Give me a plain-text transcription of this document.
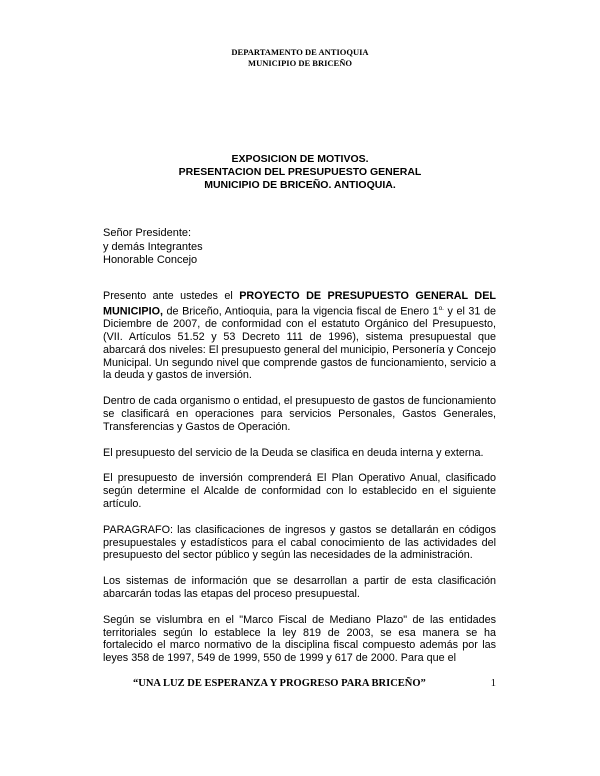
DEPARTAMENTO DE ANTIOQUIA
MUNICIPIO DE BRICEÑO
EXPOSICION DE MOTIVOS.
PRESENTACION DEL PRESUPUESTO GENERAL
MUNICIPIO DE BRICEÑO. ANTIOQUIA.
Señor Presidente:
y demás Integrantes
Honorable Concejo

Presento ante ustedes el PROYECTO DE PRESUPUESTO GENERAL DEL MUNICIPIO, de Briceño, Antioquia, para la vigencia fiscal de Enero $1^{o.}$ y el 31 de Diciembre de 2007, de conformidad con el estatuto Orgánico del Presupuesto, (VII. Artículos 51.52 y 53 Decreto 111 de 1996), sistema presupuestal que abarcará dos niveles: El presupuesto general del municipio, Personería y Concejo Municipal. Un segundo nivel que comprende gastos de funcionamiento, servicio a la deuda y gastos de inversión.

Dentro de cada organismo o entidad, el presupuesto de gastos de funcionamiento se clasificará en operaciones para servicios Personales, Gastos Generales, Transferencias y Gastos de Operación.

El presupuesto del servicio de la Deuda se clasifica en deuda interna y externa.

El presupuesto de inversión comprenderá El Plan Operativo Anual, clasificado según determine el Alcalde de conformidad con lo establecido en el siguiente artículo.

PARAGRAFO: las clasificaciones de ingresos y gastos se detallarán en códigos presupuestales y estadísticos para el cabal conocimiento de las actividades del presupuesto del sector público y según las necesidades de la administración.

Los sistemas de información que se desarrollan a partir de esta clasificación abarcarán todas las etapas del proceso presupuestal.

Según se vislumbra en el "Marco Fiscal de Mediano Plazo" de las entidades territoriales según lo establece la ley 819 de 2003, se esa manera se ha fortalecido el marco normativo de la disciplina fiscal compuesto además por las leyes 358 de 1997, 549 de 1999, 550 de 1999 y 617 de 2000. Para que el

“UNA LUZ DE ESPERANZA Y PROGRESO PARA BRICEÑO”	1
